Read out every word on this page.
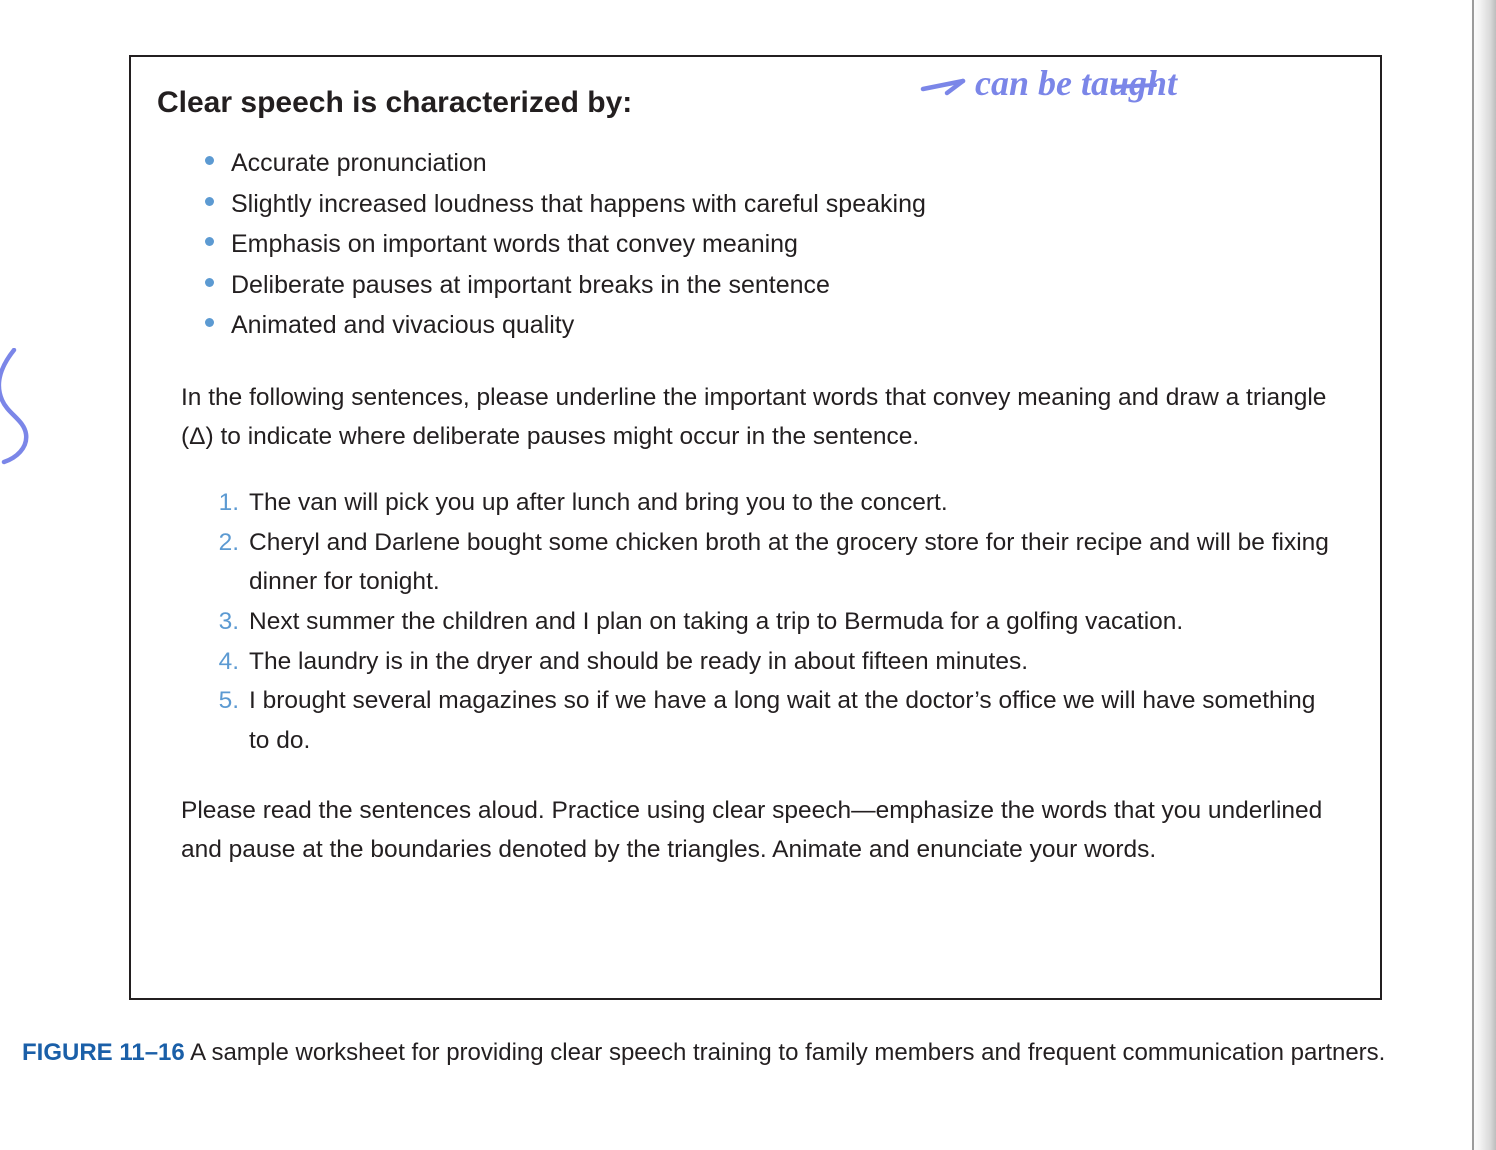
Clear speech is characterized by:	can be taught
Accurate pronunciation
Slightly increased loudness that happens with careful speaking
Emphasis on important words that convey meaning
Deliberate pauses at important breaks in the sentence
Animated and vivacious quality

In the following sentences, please underline the important words that convey meaning and draw a triangle (Δ) to indicate where deliberate pauses might occur in the sentence.

1. The van will pick you up after lunch and bring you to the concert.
2. Cheryl and Darlene bought some chicken broth at the grocery store for their recipe and will be fixing dinner for tonight.
3. Next summer the children and I plan on taking a trip to Bermuda for a golfing vacation.
4. The laundry is in the dryer and should be ready in about fifteen minutes.
5. I brought several magazines so if we have a long wait at the doctor’s office we will have something to do.

Please read the sentences aloud. Practice using clear speech—emphasize the words that you underlined and pause at the boundaries denoted by the triangles. Animate and enunciate your words.

FIGURE 11–16 A sample worksheet for providing clear speech training to family members and frequent communication partners.
